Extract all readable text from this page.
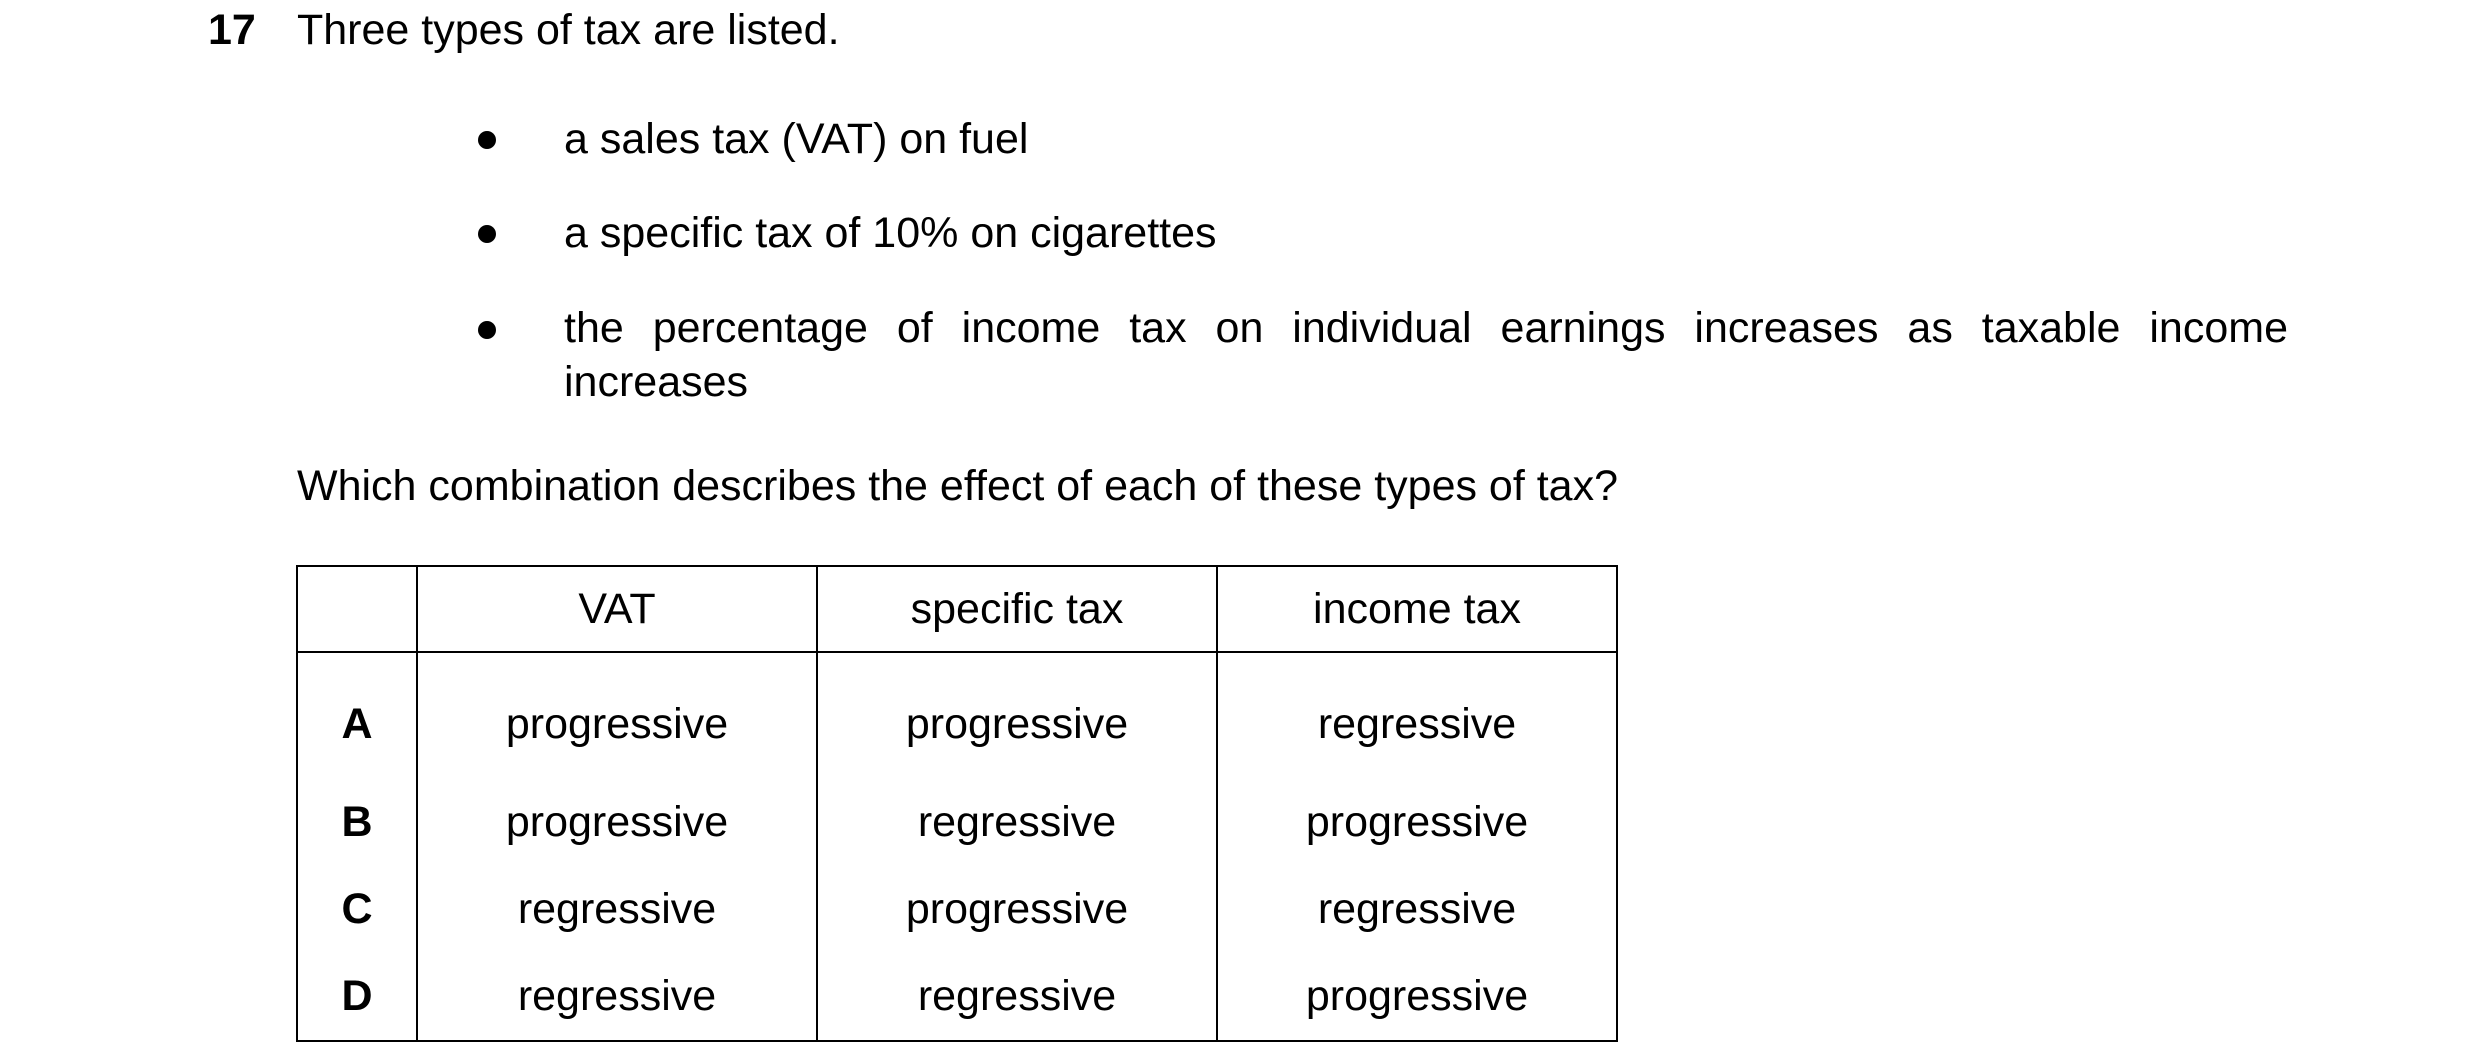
17 Three types of tax are listed.
a sales tax (VAT) on fuel
a specific tax of 10% on cigarettes
the percentage of income tax on individual earnings increases as taxable income increases
Which combination describes the effect of each of these types of tax?
	VAT	specific tax	income tax
A	progressive	progressive	regressive
B	progressive	regressive	progressive
C	regressive	progressive	regressive
D	regressive	regressive	progressive
